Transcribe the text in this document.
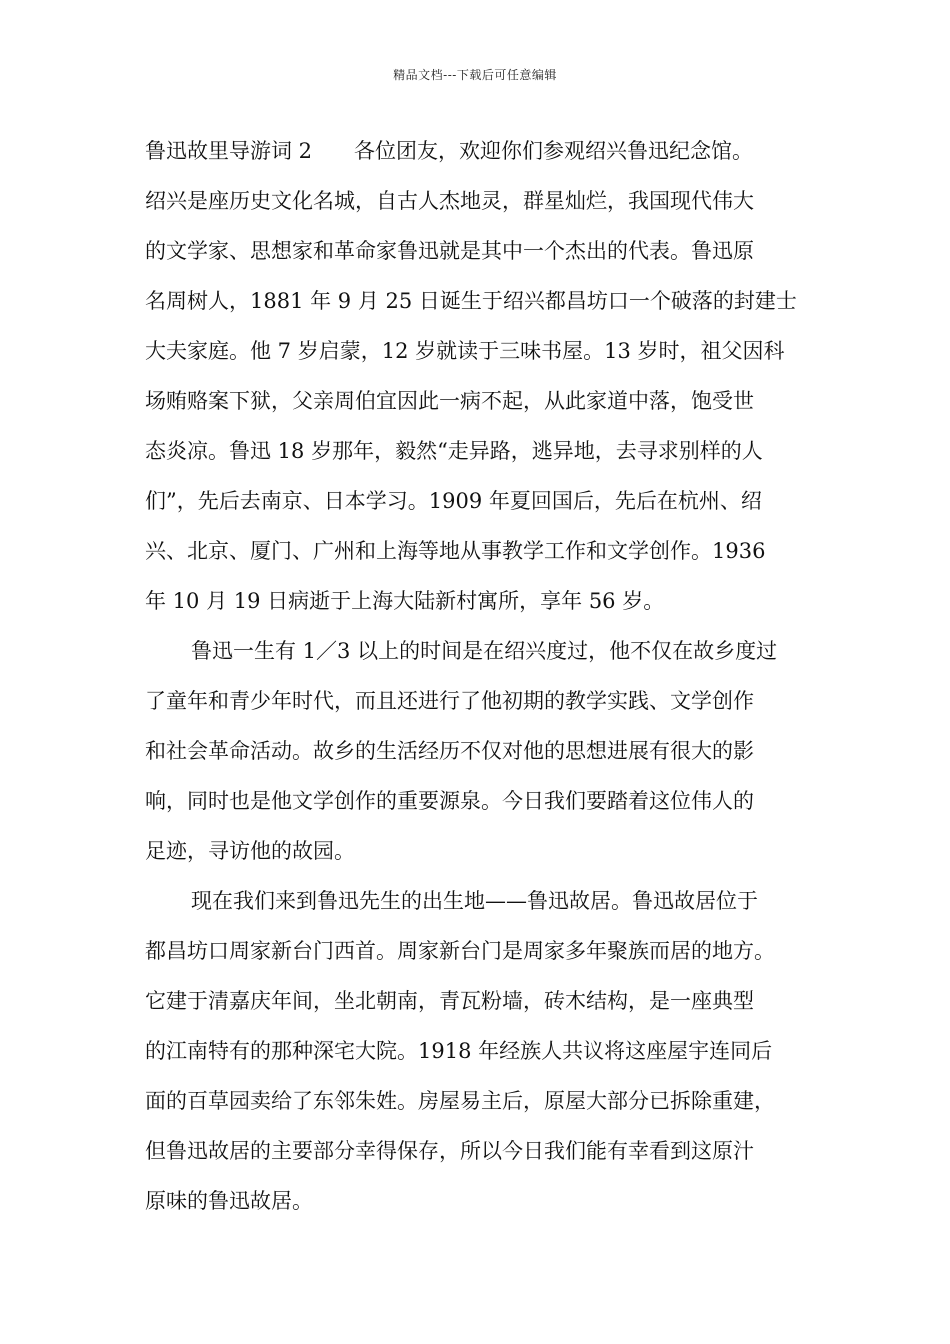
精品文档---下载后可任意编辑
鲁迅故里导游词 2　　各位团友，欢迎你们参观绍兴鲁迅纪念馆。
绍兴是座历史文化名城，自古人杰地灵，群星灿烂，我国现代伟大
的文学家、思想家和革命家鲁迅就是其中一个杰出的代表。鲁迅原
名周树人，1881 年 9 月 25 日诞生于绍兴都昌坊口一个破落的封建士
大夫家庭。他 7 岁启蒙，12 岁就读于三味书屋。13 岁时，祖父因科
场贿赂案下狱，父亲周伯宜因此一病不起，从此家道中落，饱受世
态炎凉。鲁迅 18 岁那年，毅然“走异路，逃异地，去寻求别样的人
们”，先后去南京、日本学习。1909 年夏回国后，先后在杭州、绍
兴、北京、厦门、广州和上海等地从事教学工作和文学创作。1936
年 10 月 19 日病逝于上海大陆新村寓所，享年 56 岁。
鲁迅一生有 1／3 以上的时间是在绍兴度过，他不仅在故乡度过
了童年和青少年时代，而且还进行了他初期的教学实践、文学创作
和社会革命活动。故乡的生活经历不仅对他的思想进展有很大的影
响，同时也是他文学创作的重要源泉。今日我们要踏着这位伟人的
足迹，寻访他的故园。
现在我们来到鲁迅先生的出生地——鲁迅故居。鲁迅故居位于
都昌坊口周家新台门西首。周家新台门是周家多年聚族而居的地方。
它建于清嘉庆年间，坐北朝南，青瓦粉墙，砖木结构，是一座典型
的江南特有的那种深宅大院。1918 年经族人共议将这座屋宇连同后
面的百草园卖给了东邻朱姓。房屋易主后，原屋大部分已拆除重建，
但鲁迅故居的主要部分幸得保存，所以今日我们能有幸看到这原汁
原味的鲁迅故居。
